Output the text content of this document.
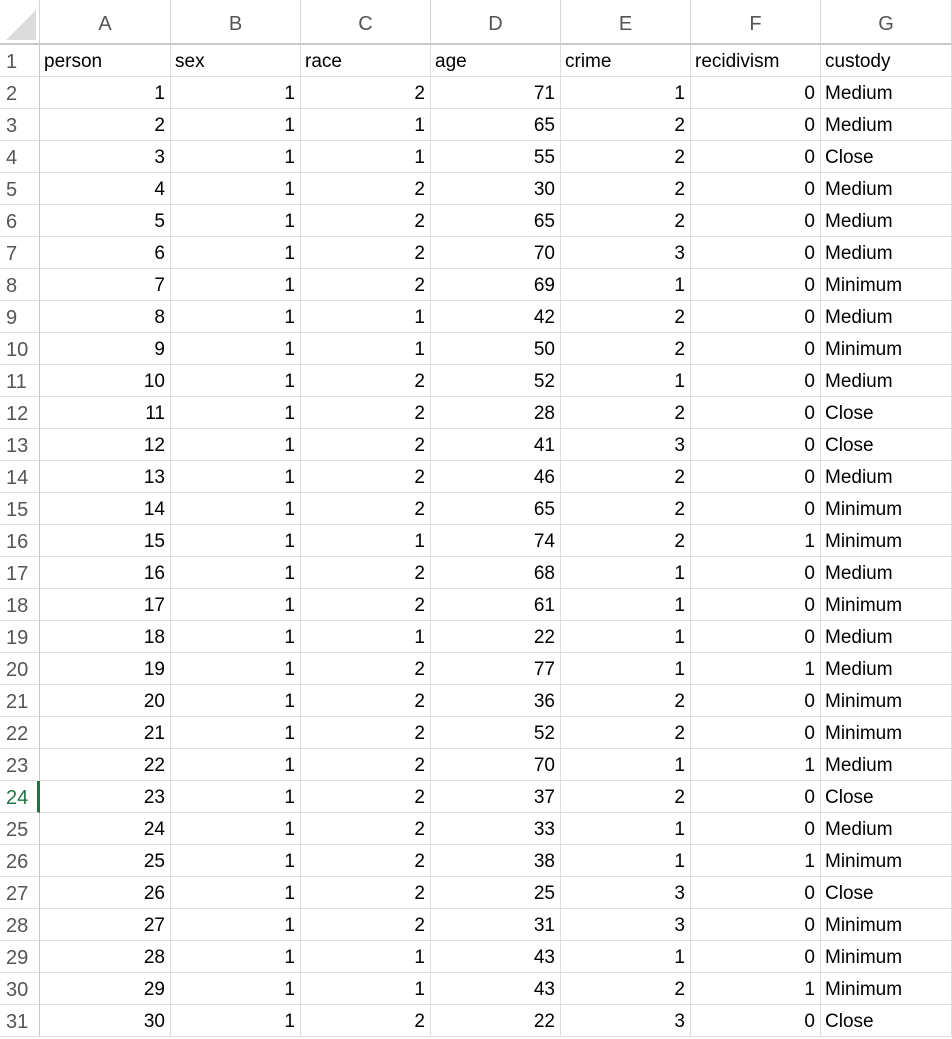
A	B	C	D	E	F	G
1	person	sex	race	age	crime	recidivism	custody
2	1	1	2	71	1	0 Medium
3	2	1	1	65	2	0 Medium
4	3	1	1	55	2	0 Close
5	4	1	2	30	2	0 Medium
6	5	1	2	65	2	0 Medium
7	6	1	2	70	3	0 Medium
8	7	1	2	69	1	0 Minimum
9	8	1	1	42	2	0 Medium
10	9	1	1	50	2	0 Minimum
11	10	1	2	52	1	0 Medium
12	11	1	2	28	2	0 Close
13	12	1	2	41	3	0 Close
14	13	1	2	46	2	0 Medium
15	14	1	2	65	2	0 Minimum
16	15	1	1	74	2	1 Minimum
17	16	1	2	68	1	0 Medium
18	17	1	2	61	1	0 Minimum
19	18	1	1	22	1	0 Medium
20	19	1	2	77	1	1 Medium
21	20	1	2	36	2	0 Minimum
22	21	1	2	52	2	0 Minimum
23	22	1	2	70	1	1 Medium
24	23	1	2	37	2	0 Close
25	24	1	2	33	1	0 Medium
26	25	1	2	38	1	1 Minimum
27	26	1	2	25	3	0 Close
28	27	1	2	31	3	0 Minimum
29	28	1	1	43	1	0 Minimum
30	29	1	1	43	2	1 Minimum
31	30	1	2	22	3	0 Close
